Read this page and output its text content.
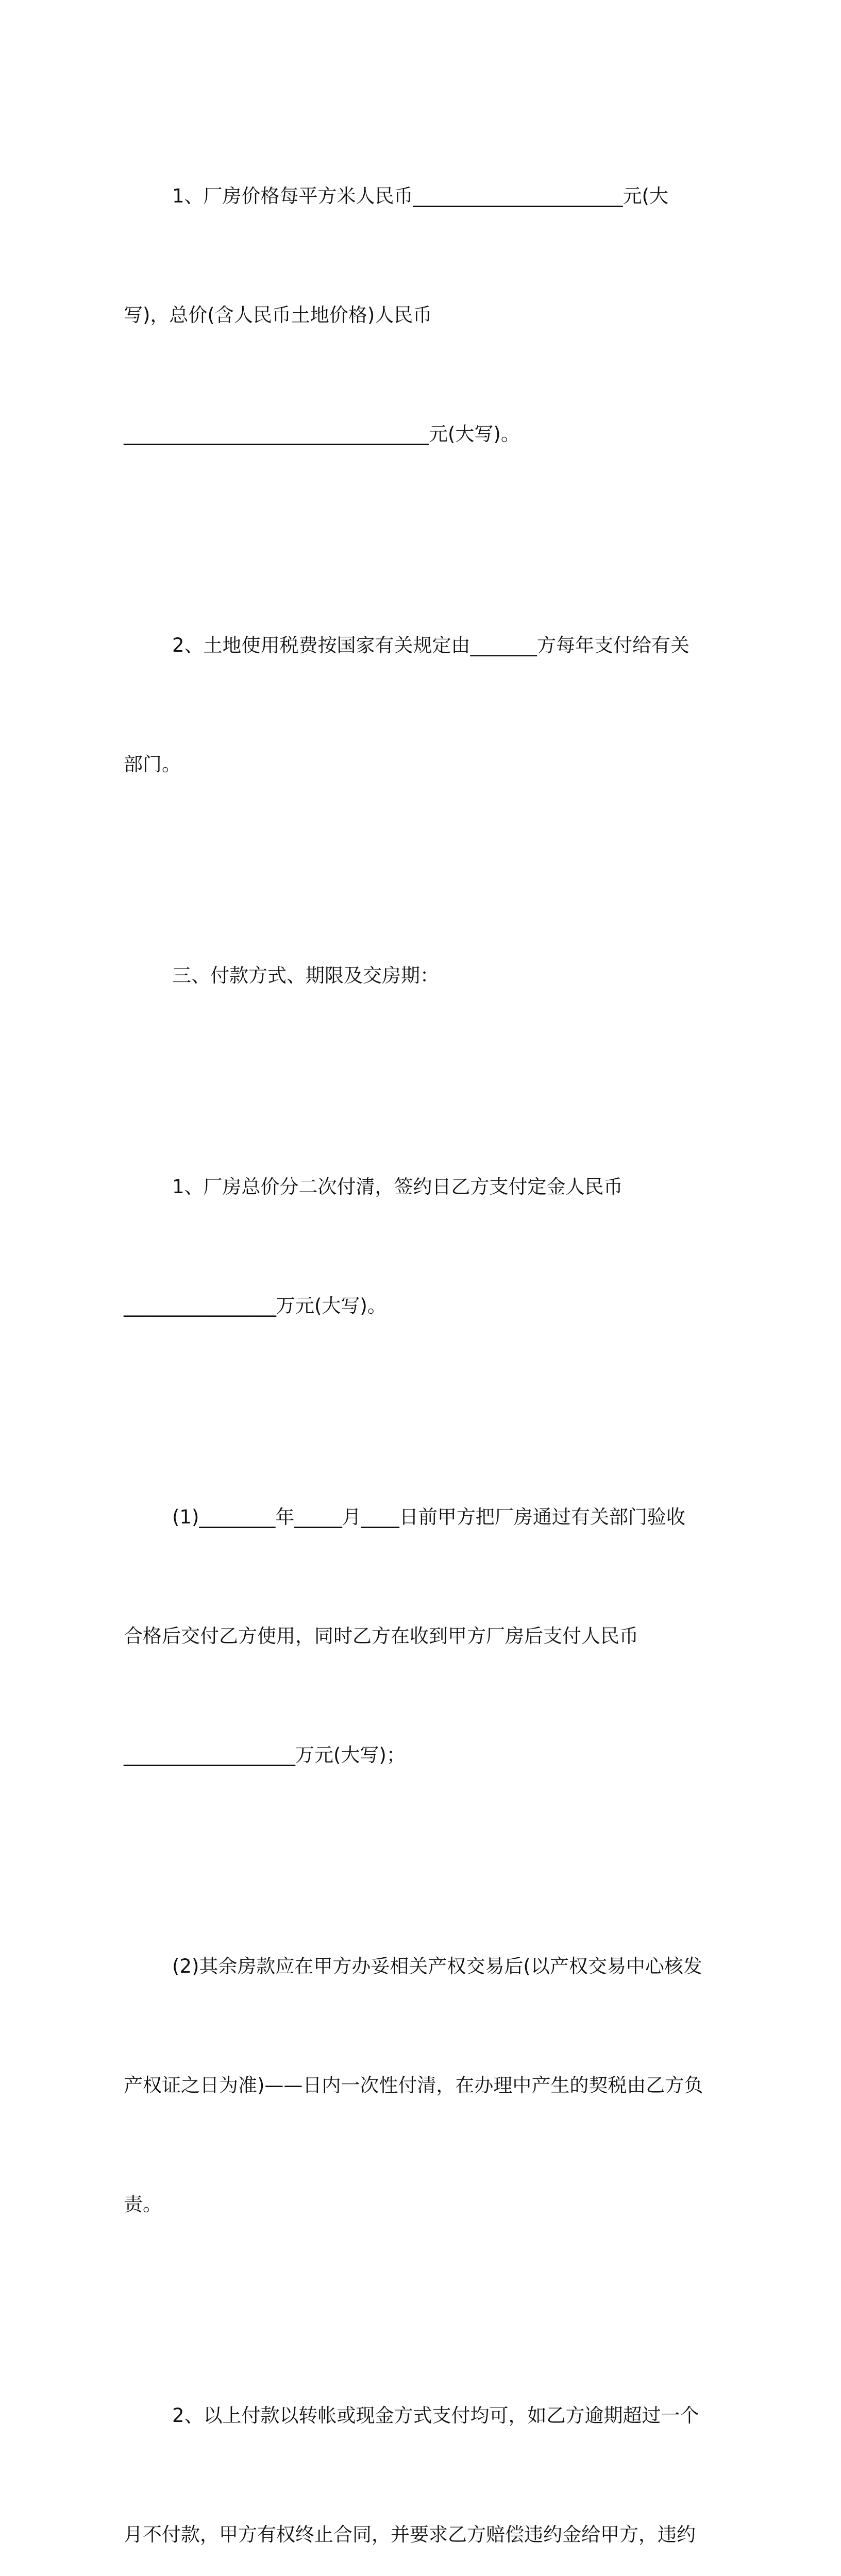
1、厂房价格每平方米人民币______________________元(大

写)，总价(含人民币土地价格)人民币

________________________________元(大写)。

2、土地使用税费按国家有关规定由_______方每年支付给有关

部门。

三、付款方式、期限及交房期：

1、厂房总价分二次付清，签约日乙方支付定金人民币

________________万元(大写)。

(1)________年_____月____日前甲方把厂房通过有关部门验收

合格后交付乙方使用，同时乙方在收到甲方厂房后支付人民币

__________________万元(大写)；

(2)其余房款应在甲方办妥相关产权交易后(以产权交易中心核发

产权证之日为准)——日内一次性付清，在办理中产生的契税由乙方负

责。

2、以上付款以转帐或现金方式支付均可，如乙方逾期超过一个

月不付款，甲方有权终止合同，并要求乙方赔偿违约金给甲方，违约
